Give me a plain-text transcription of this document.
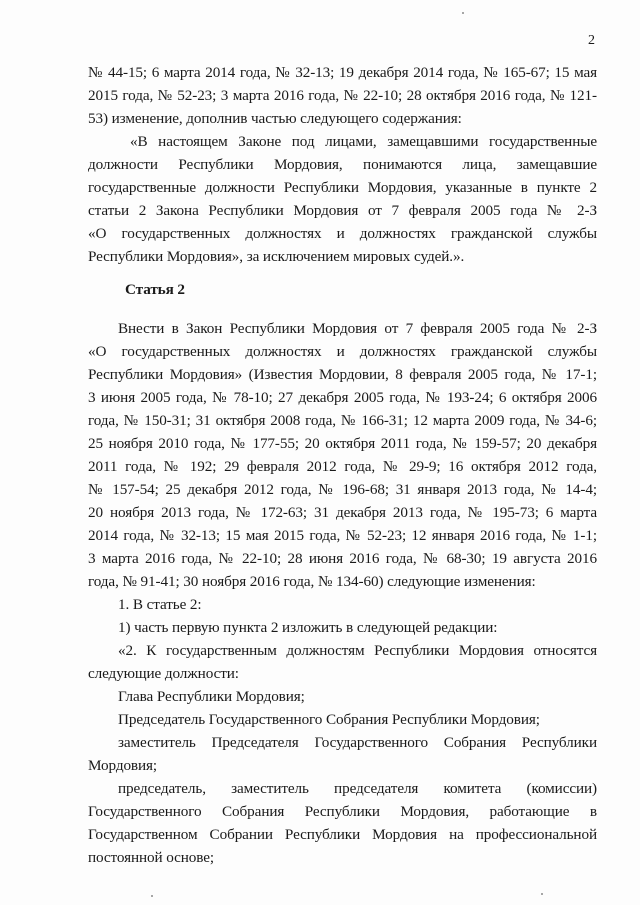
2
№ 44-15; 6 марта 2014 года, № 32-13; 19 декабря 2014 года, № 165-67; 15 мая
2015 года, № 52-23; 3 марта 2016 года, № 22-10; 28 октября 2016 года, № 121-
53) изменение, дополнив частью следующего содержания:
«В настоящем Законе под лицами, замещавшими государственные
должности Республики Мордовия, понимаются лица, замещавшие
государственные должности Республики Мордовия, указанные в пункте 2
статьи 2 Закона Республики Мордовия от 7 февраля 2005 года № 2-З
«О государственных должностях и должностях гражданской службы
Республики Мордовия», за исключением мировых судей.».
Статья 2
Внести в Закон Республики Мордовия от 7 февраля 2005 года № 2-З
«О государственных должностях и должностях гражданской службы
Республики Мордовия» (Известия Мордовии, 8 февраля 2005 года, № 17-1;
3 июня 2005 года, № 78-10; 27 декабря 2005 года, № 193-24; 6 октября 2006
года, № 150-31; 31 октября 2008 года, № 166-31; 12 марта 2009 года, № 34-6;
25 ноября 2010 года, № 177-55; 20 октября 2011 года, № 159-57; 20 декабря
2011 года, № 192; 29 февраля 2012 года, № 29-9; 16 октября 2012 года,
№ 157-54; 25 декабря 2012 года, № 196-68; 31 января 2013 года, № 14-4;
20 ноября 2013 года, № 172-63; 31 декабря 2013 года, № 195-73; 6 марта
2014 года, № 32-13; 15 мая 2015 года, № 52-23; 12 января 2016 года, № 1-1;
3 марта 2016 года, № 22-10; 28 июня 2016 года, № 68-30; 19 августа 2016
года, № 91-41; 30 ноября 2016 года, № 134-60) следующие изменения:
1. В статье 2:
1) часть первую пункта 2 изложить в следующей редакции:
«2. К государственным должностям Республики Мордовия относятся
следующие должности:
Глава Республики Мордовия;
Председатель Государственного Собрания Республики Мордовия;
заместитель Председателя Государственного Собрания Республики
Мордовия;
председатель, заместитель председателя комитета (комиссии)
Государственного Собрания Республики Мордовия, работающие в
Государственном Собрании Республики Мордовия на профессиональной
постоянной основе;
